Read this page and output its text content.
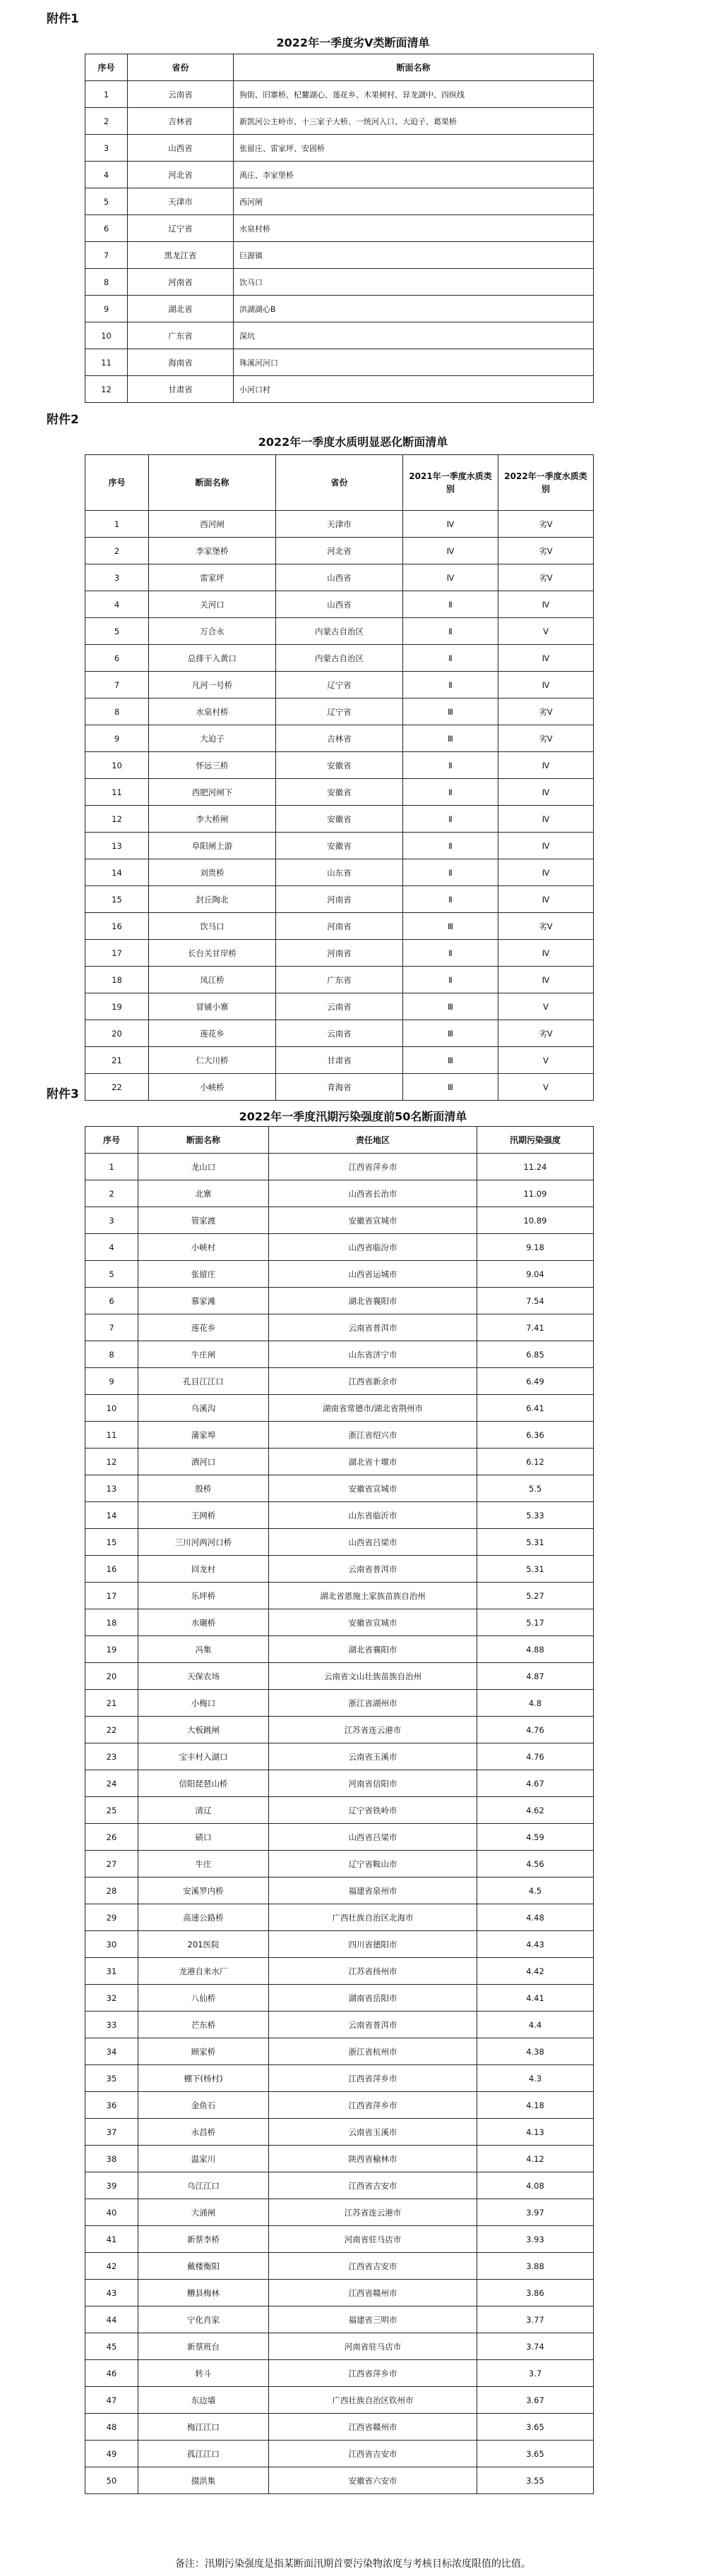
附件1
2022年一季度劣Ⅴ类断面清单
序号	省份	断面名称
1	云南省	狗街、旧寨桥、杞麓湖心、莲花乡、木果树村、异龙湖中、四纵线
2	吉林省	新凯河公主岭市、十三家子大桥、一统河入口、大迫子、葛果桥
3	山西省	张留庄、雷家坪、安固桥
4	河北省	禹庄、李家堡桥
5	天津市	西河闸
6	辽宁省	水泉村桥
7	黑龙江省	巨源镇
8	河南省	饮马口
9	湖北省	洪湖湖心B
10	广东省	深坑
11	海南省	珠溪河河口
12	甘肃省	小河口村
附件2
2022年一季度水质明显恶化断面清单
序号	断面名称	省份	2021年一季度水质类别	2022年一季度水质类别
1	西河闸	天津市	Ⅳ	劣Ⅴ
2	李家堡桥	河北省	Ⅳ	劣Ⅴ
3	雷家坪	山西省	Ⅳ	劣Ⅴ
4	关河口	山西省	Ⅱ	Ⅳ
5	万合永	内蒙古自治区	Ⅱ	Ⅴ
6	总排干入黄口	内蒙古自治区	Ⅱ	Ⅳ
7	凡河一号桥	辽宁省	Ⅱ	Ⅳ
8	水泉村桥	辽宁省	Ⅲ	劣Ⅴ
9	大迫子	吉林省	Ⅲ	劣Ⅴ
10	怀远三桥	安徽省	Ⅱ	Ⅳ
11	西肥河闸下	安徽省	Ⅱ	Ⅳ
12	李大桥闸	安徽省	Ⅱ	Ⅳ
13	阜阳闸上游	安徽省	Ⅱ	Ⅳ
14	刘贵桥	山东省	Ⅱ	Ⅳ
15	封丘陶北	河南省	Ⅱ	Ⅳ
16	饮马口	河南省	Ⅲ	劣Ⅴ
17	长台关甘岸桥	河南省	Ⅱ	Ⅳ
18	凤江桥	广东省	Ⅱ	Ⅳ
19	冒铺小寨	云南省	Ⅲ	Ⅴ
20	莲花乡	云南省	Ⅲ	劣Ⅴ
21	仁大川桥	甘肃省	Ⅲ	Ⅴ
22	小峡桥	青海省	Ⅲ	Ⅴ
附件3
2022年一季度汛期污染强度前50名断面清单
序号	断面名称	责任地区	汛期污染强度
1	龙山口	江西省萍乡市	11.24
2	北寨	山西省长治市	11.09
3	管家渡	安徽省宣城市	10.89
4	小峡村	山西省临汾市	9.18
5	张留庄	山西省运城市	9.04
6	慕家滩	湖北省襄阳市	7.54
7	莲花乡	云南省普洱市	7.41
8	牛庄闸	山东省济宁市	6.85
9	孔目江江口	江西省新余市	6.49
10	乌溪沟	湖南省常德市/湖北省荆州市	6.41
11	蒲家埠	浙江省绍兴市	6.36
12	酒河口	湖北省十堰市	6.12
13	殷桥	安徽省宣城市	5.5
14	王网桥	山东省临沂市	5.33
15	三川河两河口桥	山西省吕梁市	5.31
16	回龙村	云南省普洱市	5.31
17	乐坪桥	湖北省恩施土家族苗族自治州	5.27
18	水碾桥	安徽省宣城市	5.17
19	冯集	湖北省襄阳市	4.88
20	天保农场	云南省文山壮族苗族自治州	4.87
21	小梅口	浙江省湖州市	4.8
22	大板跳闸	江苏省连云港市	4.76
23	宝丰村入湖口	云南省玉溪市	4.76
24	信阳琵琶山桥	河南省信阳市	4.67
25	清辽	辽宁省铁岭市	4.62
26	碛口	山西省吕梁市	4.59
27	牛庄	辽宁省鞍山市	4.56
28	安溪罗内桥	福建省泉州市	4.5
29	高速公路桥	广西壮族自治区北海市	4.48
30	201医院	四川省德阳市	4.43
31	龙港自来水厂	江苏省扬州市	4.42
32	八仙桥	湖南省岳阳市	4.41
33	芒东桥	云南省普洱市	4.4
34	顾家桥	浙江省杭州市	4.38
35	棚下(杨村)	江西省萍乡市	4.3
36	金鱼石	江西省萍乡市	4.18
37	永昌桥	云南省玉溪市	4.13
38	温家川	陕西省榆林市	4.12
39	乌江江口	江西省吉安市	4.08
40	大涌闸	江苏省连云港市	3.97
41	新蔡李桥	河南省驻马店市	3.93
42	戴楼衡阳	江西省吉安市	3.88
43	糟县梅林	江西省赣州市	3.86
44	宁化肖家	福建省三明市	3.77
45	新蔡班台	河南省驻马店市	3.74
46	转斗	江西省萍乡市	3.7
47	东边墙	广西壮族自治区钦州市	3.67
48	梅江江口	江西省赣州市	3.65
49	孤江江口	江西省吉安市	3.65
50	掇洪集	安徽省六安市	3.55
备注：汛期污染强度是指某断面汛期首要污染物浓度与考核目标浓度限值的比值。
